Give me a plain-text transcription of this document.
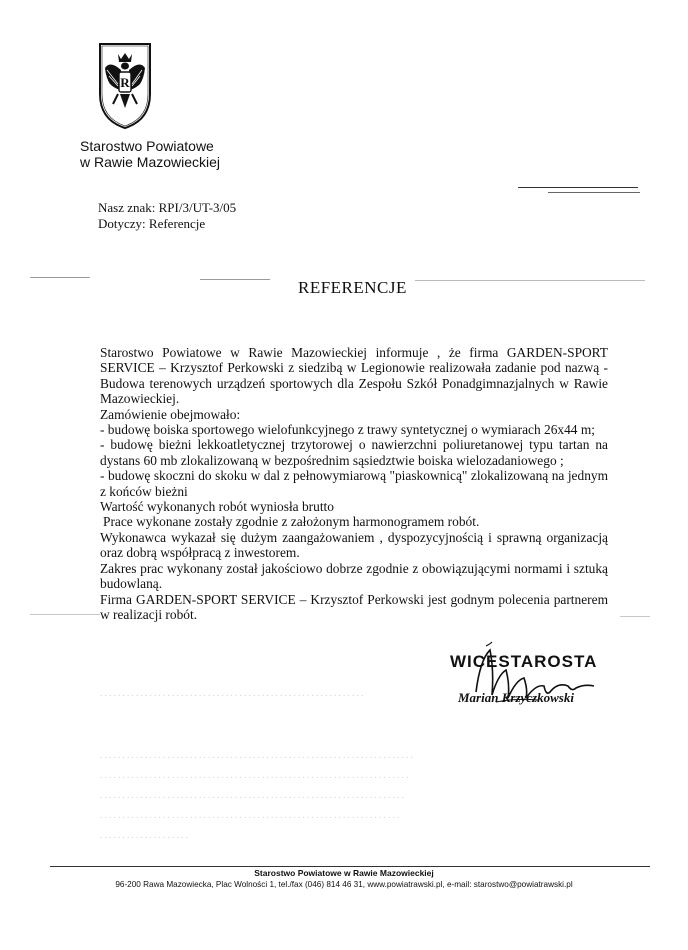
R
Starostwo Powiatowe
w Rawie Mazowieckiej
Nasz znak: RPI/3/UT-3/05
Dotyczy: Referencje
REFERENCJE

Starostwo Powiatowe w Rawie Mazowieckiej informuje , że firma GARDEN-SPORT SERVICE – Krzysztof Perkowski z siedzibą w Legionowie realizowała zadanie pod nazwą - Budowa terenowych urządzeń sportowych dla Zespołu Szkół Ponadgimnazjalnych w Rawie Mazowieckiej.

Zamówienie obejmowało:

- budowę boiska sportowego wielofunkcyjnego z trawy syntetycznej o wymiarach 26x44 m;

- budowę bieżni lekkoatletycznej trzytorowej o nawierzchni poliuretanowej typu tartan na dystans 60 mb zlokalizowaną w bezpośrednim sąsiedztwie boiska wielozadaniowego ;

- budowę skoczni do skoku w dal z pełnowymiarową "piaskownicą" zlokalizowaną na jednym z końców bieżni

Wartość wykonanych robót wyniosła brutto

Prace wykonane zostały zgodnie z założonym harmonogramem robót.

Wykonawca wykazał się dużym zaangażowaniem , dyspozycyjnością i sprawną organizacją oraz dobrą współpracą z inwestorem.

Zakres prac wykonany został jakościowo dobrze zgodnie z obowiązującymi normami i sztuką budowlaną.

Firma GARDEN-SPORT SERVICE – Krzysztof Perkowski jest godnym polecenia partnerem w realizacji robót.

WICESTAROSTA
Marian Krzyczkowski
. . . . . . . . . . . . . . . . . . . . . . . . . . . . . . . . . . . . . . . . . . . . . . . . . . . . . . . . . . .
. . . . . . . . . . . . . . . . . . . . . . . . . . . . . . . . . . . . . . . . . . . . . . . . . . . . . . . . . . . . . . . . . . . . . .
. . . . . . . . . . . . . . . . . . . . . . . . . . . . . . . . . . . . . . . . . . . . . . . . . . . . . . . . . . . . . . . . . . . . .
. . . . . . . . . . . . . . . . . . . . . . . . . . . . . . . . . . . . . . . . . . . . . . . . . . . . . . . . . . . . . . . . . . . .
. . . . . . . . . . . . . . . . . . . . . . . . . . . . . . . . . . . . . . . . . . . . . . . . . . . . . . . . . . . . . . . . . . .
. . . . . . . . . . . . . . . . . . . .
Starostwo Powiatowe w Rawie Mazowieckiej
96-200 Rawa Mazowiecka, Plac Wolności 1, tel./fax (046) 814 46 31, www.powiatrawski.pl, e-mail: starostwo@powiatrawski.pl
